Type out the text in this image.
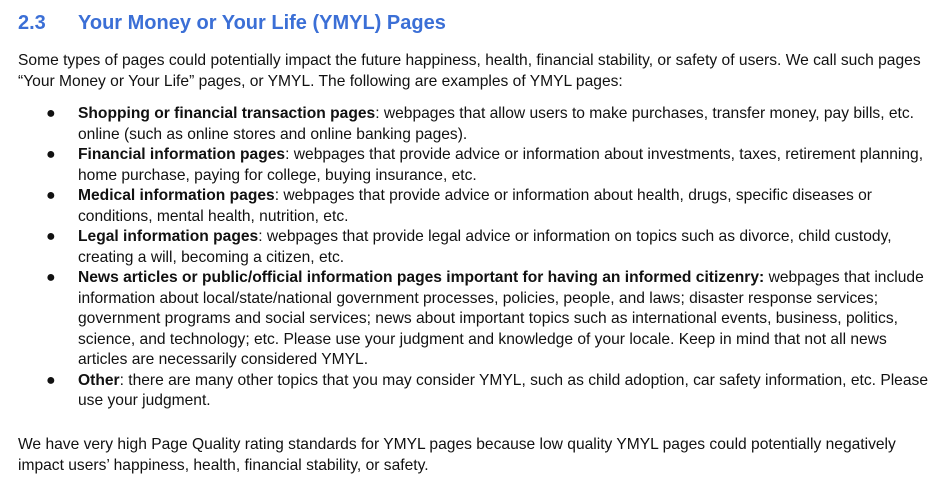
2.3 Your Money or Your Life (YMYL) Pages

Some types of pages could potentially impact the future happiness, health, financial stability, or safety of users. We call such pages “Your Money or Your Life” pages, or YMYL. The following are examples of YMYL pages:

● Shopping or financial transaction pages: webpages that allow users to make purchases, transfer money, pay bills, etc. online (such as online stores and online banking pages).
● Financial information pages: webpages that provide advice or information about investments, taxes, retirement planning, home purchase, paying for college, buying insurance, etc.
● Medical information pages: webpages that provide advice or information about health, drugs, specific diseases or conditions, mental health, nutrition, etc.
● Legal information pages: webpages that provide legal advice or information on topics such as divorce, child custody, creating a will, becoming a citizen, etc.
● News articles or public/official information pages important for having an informed citizenry: webpages that include information about local/state/national government processes, policies, people, and laws; disaster response services; government programs and social services; news about important topics such as international events, business, politics, science, and technology; etc. Please use your judgment and knowledge of your locale. Keep in mind that not all news articles are necessarily considered YMYL.
● Other: there are many other topics that you may consider YMYL, such as child adoption, car safety information, etc. Please use your judgment.

We have very high Page Quality rating standards for YMYL pages because low quality YMYL pages could potentially negatively impact users’ happiness, health, financial stability, or safety.
